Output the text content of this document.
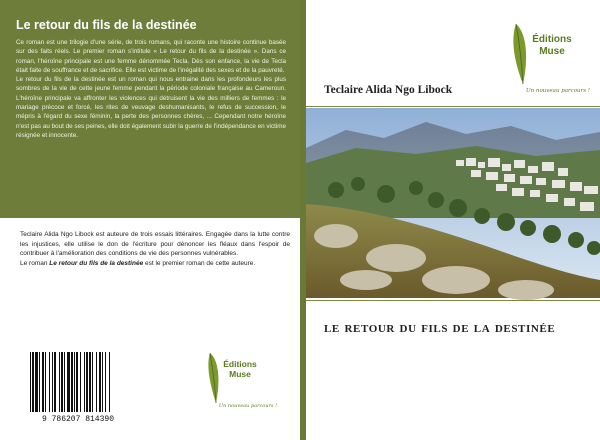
Le retour du fils de la destinée

Ce roman est une trilogie d'une série, de trois romans, qui raconte une histoire continue basée sur des faits réels. Le premier roman s'intitule « Le retour du fils de la destinée ». Dans ce roman, l'héroïne principale est une femme dénommée Tecla. Dès son enfance, la vie de Tecla était faite de souffrance et de sacrifice. Elle est victime de l'inégalité des sexes et de la pauvreté.

Le retour du fils de la destinée est un roman qui nous entraine dans les profondeurs les plus sombres de la vie de cette jeune femme pendant la période coloniale française au Cameroun. L'héroïne principale va affronter les violences qui détruisent la vie des milliers de femmes : le mariage précoce et forcé, les rites de veuvage deshumanisants, le refus de succession, le mépris à l'égard du sexe féminin, la perte des personnes chères, ... Cependant notre héroïne n'est pas au bout de ses peines, elle doit également subir la guerre de l'indépendance en victime résignée et innocente.

Teclaire Alida Ngo Libock est auteure de trois essais littéraires. Engagée dans la lutte contre les injustices, elle utilise le don de l'écriture pour dénoncer les fléaux dans l'espoir de contribuer à l'amélioration des conditions de vie des personnes vulnérables.

Le roman Le retour du fils de la destinée est le premier roman de cette auteure.

9 786207 814390
Éditions
Muse
Un nouveau parcours !
Éditions
Muse
Un nouveau parcours !
Teclaire Alida Ngo Libock
le retour du fils de la destinée
